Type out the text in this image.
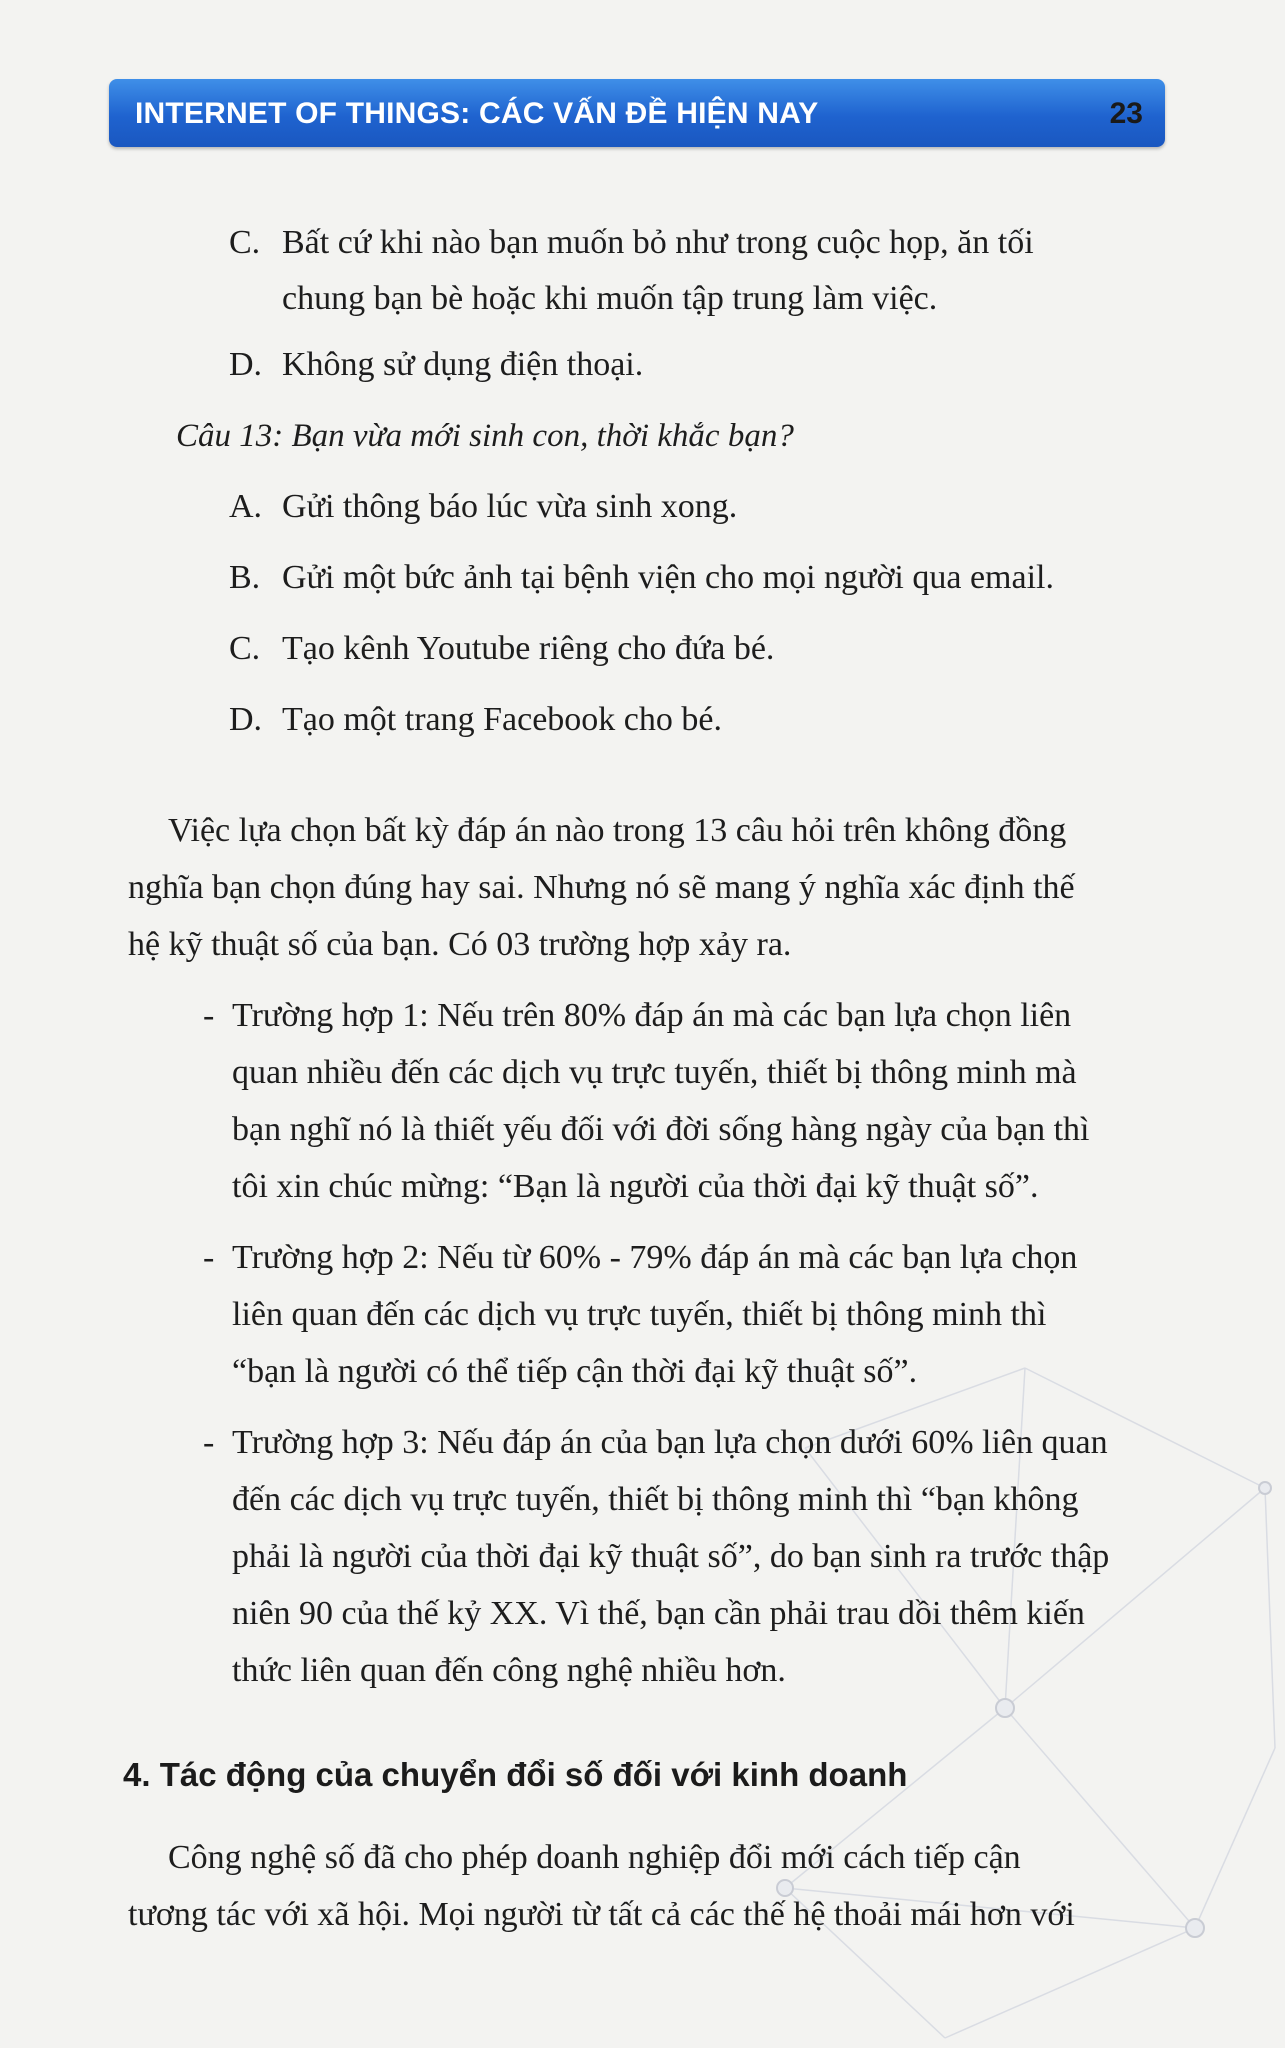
INTERNET OF THINGS: CÁC VẤN ĐỀ HIỆN NAY	23
C. Bất cứ khi nào bạn muốn bỏ như trong cuộc họp, ăn tối
chung bạn bè hoặc khi muốn tập trung làm việc.
D. Không sử dụng điện thoại.
Câu 13: Bạn vừa mới sinh con, thời khắc bạn?
A. Gửi thông báo lúc vừa sinh xong.
B. Gửi một bức ảnh tại bệnh viện cho mọi người qua email.
C. Tạo kênh Youtube riêng cho đứa bé.
D. Tạo một trang Facebook cho bé.
Việc lựa chọn bất kỳ đáp án nào trong 13 câu hỏi trên không đồng
nghĩa bạn chọn đúng hay sai. Nhưng nó sẽ mang ý nghĩa xác định thế
hệ kỹ thuật số của bạn. Có 03 trường hợp xảy ra.
- Trường hợp 1: Nếu trên 80% đáp án mà các bạn lựa chọn liên
quan nhiều đến các dịch vụ trực tuyến, thiết bị thông minh mà
bạn nghĩ nó là thiết yếu đối với đời sống hàng ngày của bạn thì
tôi xin chúc mừng: “Bạn là người của thời đại kỹ thuật số”.
- Trường hợp 2: Nếu từ 60% - 79% đáp án mà các bạn lựa chọn
liên quan đến các dịch vụ trực tuyến, thiết bị thông minh thì
“bạn là người có thể tiếp cận thời đại kỹ thuật số”.
- Trường hợp 3: Nếu đáp án của bạn lựa chọn dưới 60% liên quan
đến các dịch vụ trực tuyến, thiết bị thông minh thì “bạn không
phải là người của thời đại kỹ thuật số”, do bạn sinh ra trước thập
niên 90 của thế kỷ XX. Vì thế, bạn cần phải trau dồi thêm kiến
thức liên quan đến công nghệ nhiều hơn.
4. Tác động của chuyển đổi số đối với kinh doanh
Công nghệ số đã cho phép doanh nghiệp đổi mới cách tiếp cận
tương tác với xã hội. Mọi người từ tất cả các thế hệ thoải mái hơn với
